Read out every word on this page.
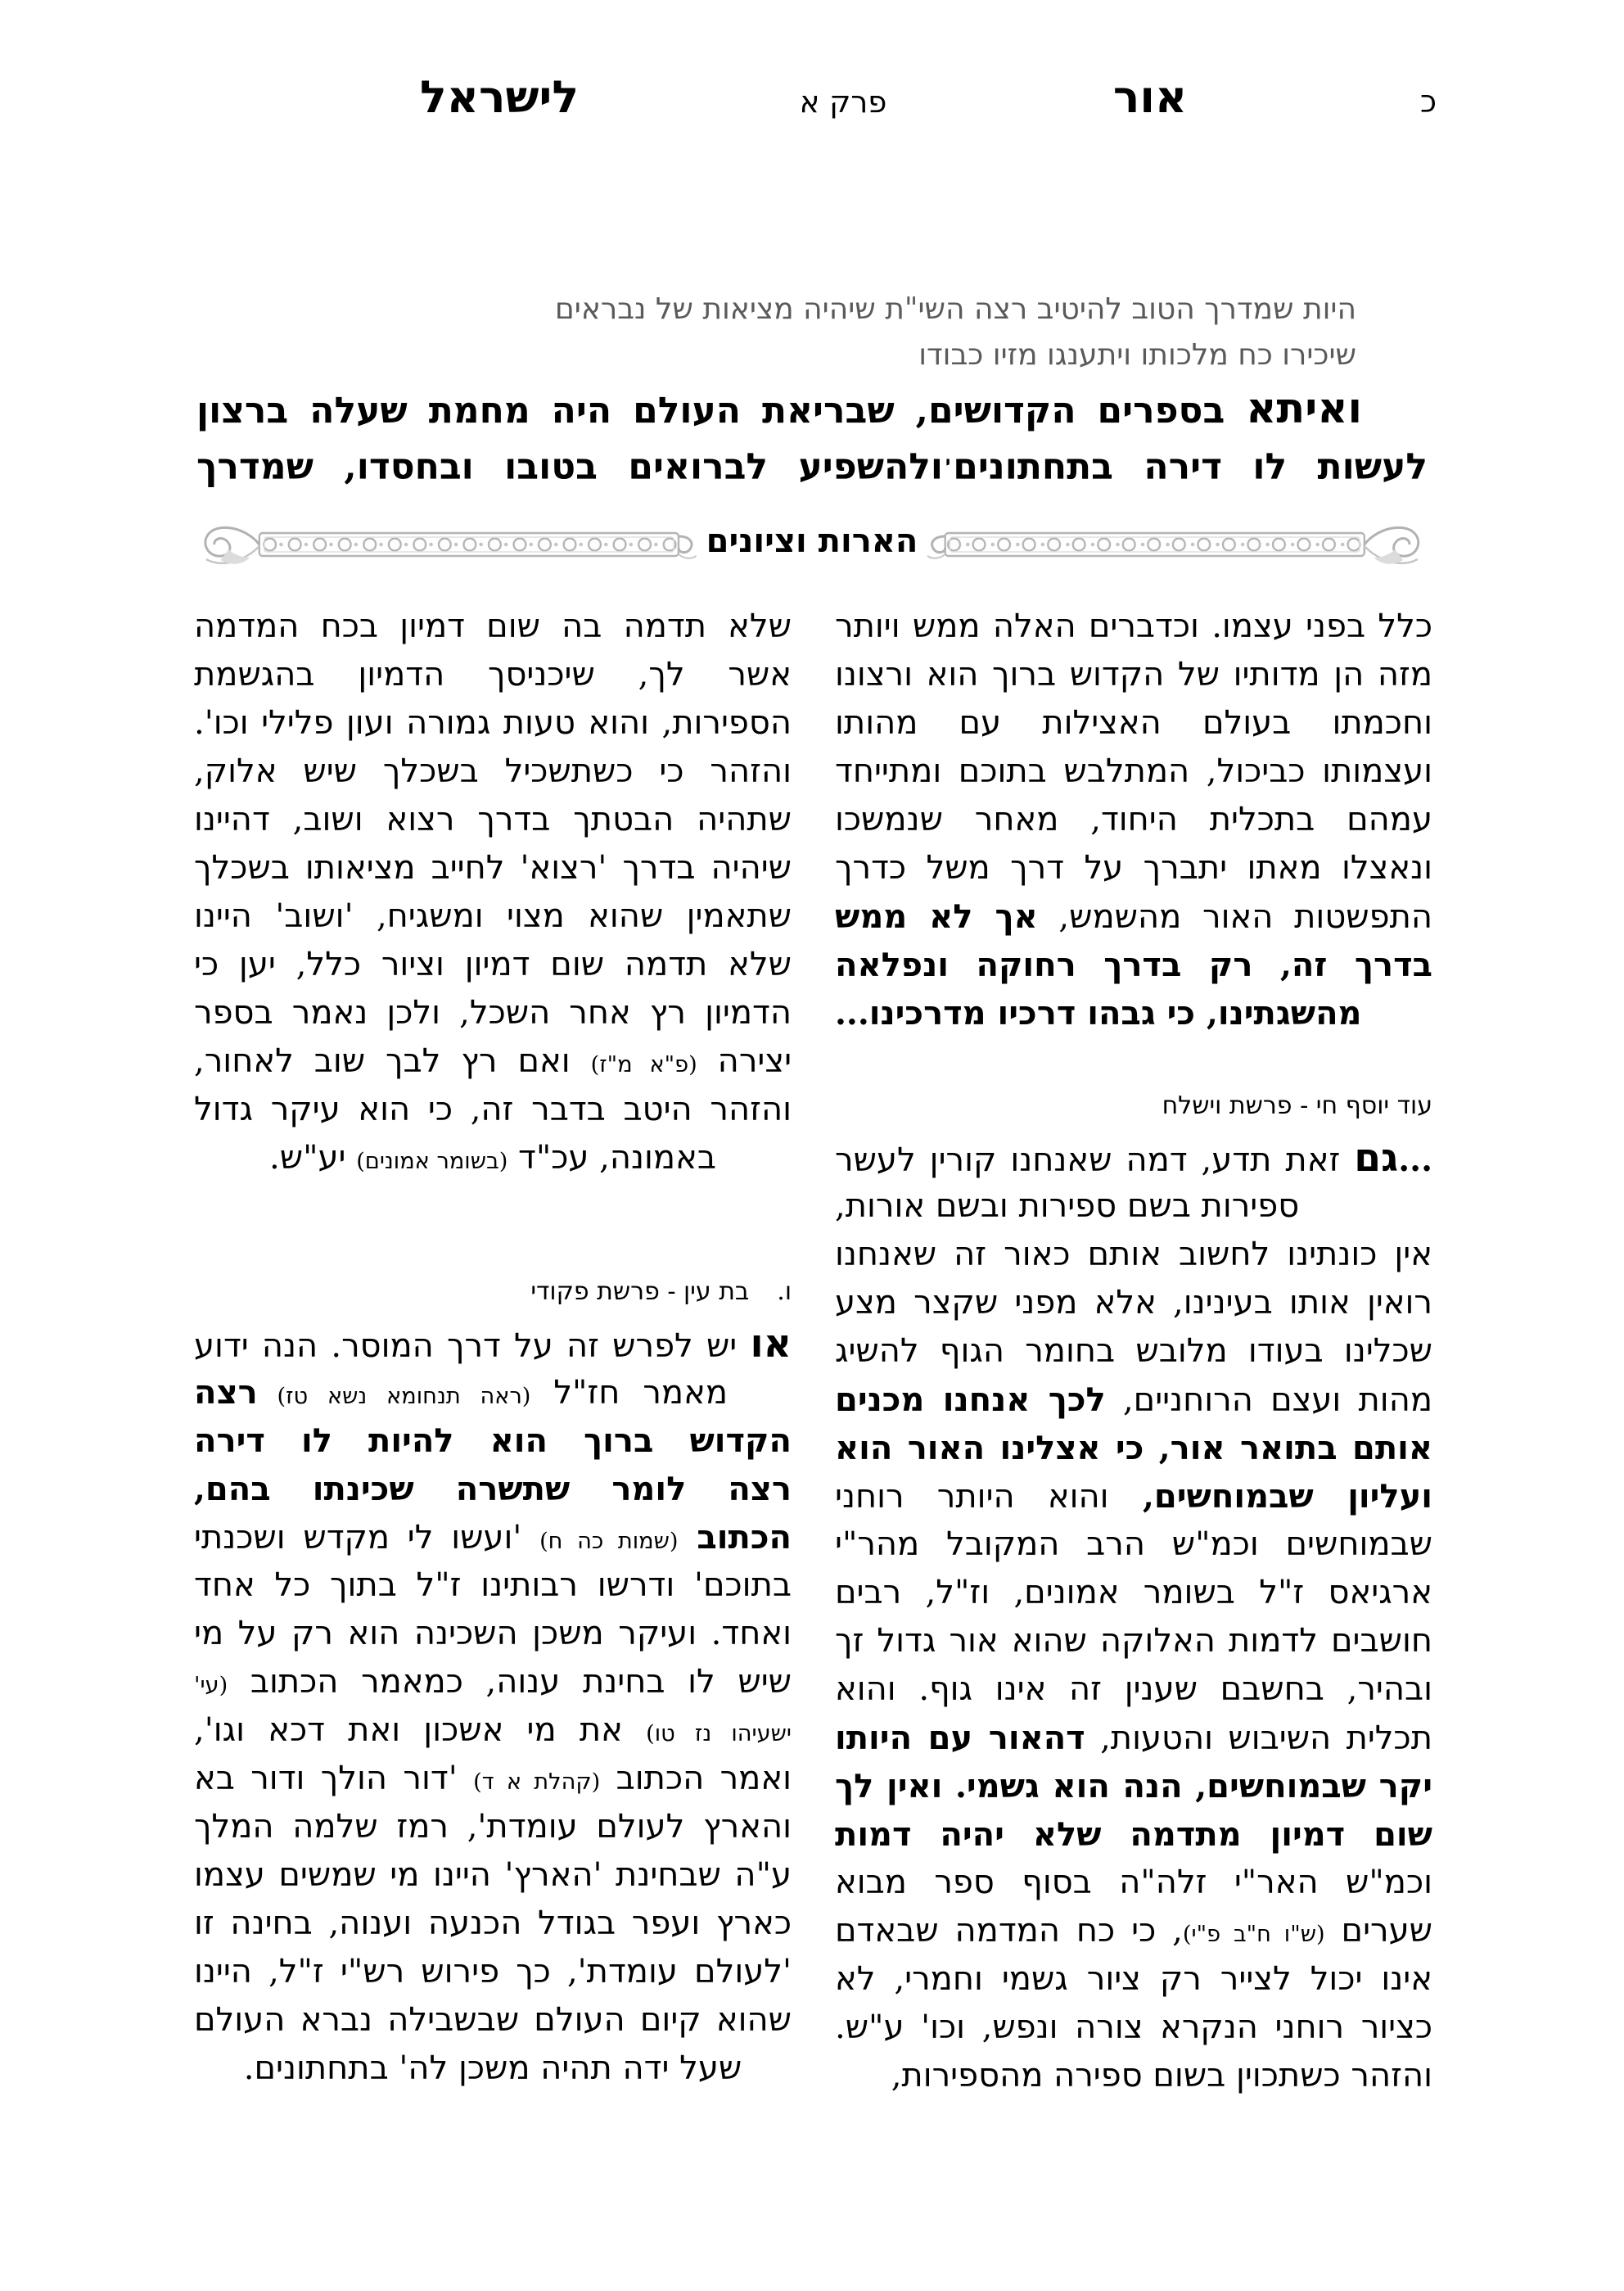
כ
אור
פרק א
לישראל
היות שמדרך הטוב להיטיב רצה השי"ת שיהיה מציאות של נבראים
שיכירו כח מלכותו ויתענגו מזיו כבודו
ואיתא בספרים הקדושים, שבריאת העולם היה מחמת שעלה ברצון
לעשות לו דירה בתחתונים$^י$ולהשפיע לברואים בטובו ובחסדו, שמדרך
הארות וציונים
כלל בפני עצמו. וכדברים האלה ממש ויותר
מזה הן מדותיו של הקדוש ברוך הוא ורצונו
וחכמתו בעולם האצילות עם מהותו
ועצמותו כביכול, המתלבש בתוכם ומתייחד
עמהם בתכלית היחוד, מאחר שנמשכו
ונאצלו מאתו יתברך על דרך משל כדרך
התפשטות האור מהשמש, אך לא ממש
בדרך זה, רק בדרך רחוקה ונפלאה
מהשגתינו, כי גבהו דרכיו מדרכינו...
עוד יוסף חי - פרשת וישלח
...גם זאת תדע, דמה שאנחנו קורין לעשר
ספירות בשם ספירות ובשם אורות,
אין כונתינו לחשוב אותם כאור זה שאנחנו
רואין אותו בעינינו, אלא מפני שקצר מצע
שכלינו בעודו מלובש בחומר הגוף להשיג
מהות ועצם הרוחניים, לכך אנחנו מכנים
אותם בתואר אור, כי אצלינו האור הוא
ועליון שבמוחשים, והוא היותר רוחני
שבמוחשים וכמ"ש הרב המקובל מהר"י
ארגיאס ז"ל בשומר אמונים, וז"ל, רבים
חושבים לדמות האלוקה שהוא אור גדול זך
ובהיר, בחשבם שענין זה אינו גוף. והוא
תכלית השיבוש והטעות, דהאור עם היותו
יקר שבמוחשים, הנה הוא גשמי. ואין לך
שום דמיון מתדמה שלא יהיה דמות
וכמ"ש האר"י זלה"ה בסוף ספר מבוא
שערים (ש"ו ח"ב פ"י), כי כח המדמה שבאדם
אינו יכול לצייר רק ציור גשמי וחמרי, לא
כציור רוחני הנקרא צורה ונפש, וכו' ע"ש.
והזהר כשתכוין בשום ספירה מהספירות,
שלא תדמה בה שום דמיון בכח המדמה
אשר לך, שיכניסך הדמיון בהגשמת
הספירות, והוא טעות גמורה ועון פלילי וכו'.
והזהר כי כשתשכיל בשכלך שיש אלוק,
שתהיה הבטתך בדרך רצוא ושוב, דהיינו
שיהיה בדרך 'רצוא' לחייב מציאותו בשכלך
שתאמין שהוא מצוי ומשגיח, 'ושוב' היינו
שלא תדמה שום דמיון וציור כלל, יען כי
הדמיון רץ אחר השכל, ולכן נאמר בספר
יצירה (פ"א מ"ז) ואם רץ לבך שוב לאחור,
והזהר היטב בדבר זה, כי הוא עיקר גדול
באמונה, עכ"ד (בשומר אמונים) יע"ש.
ו.בת עין - פרשת פקודי
או יש לפרש זה על דרך המוסר. הנה ידוע
מאמר חז"ל (ראה תנחומא נשא טז) רצה
הקדוש ברוך הוא להיות לו דירה
רצה לומר שתשרה שכינתו בהם,
הכתוב (שמות כה ח) 'ועשו לי מקדש ושכנתי
בתוכם' ודרשו רבותינו ז"ל בתוך כל אחד
ואחד. ועיקר משכן השכינה הוא רק על מי
שיש לו בחינת ענוה, כמאמר הכתוב (עי'
ישעיהו נז טו) את מי אשכון ואת דכא וגו',
ואמר הכתוב (קהלת א ד) 'דור הולך ודור בא
והארץ לעולם עומדת', רמז שלמה המלך
ע"ה שבחינת 'הארץ' היינו מי שמשים עצמו
כארץ ועפר בגודל הכנעה וענוה, בחינה זו
'לעולם עומדת', כך פירוש רש"י ז"ל, היינו
שהוא קיום העולם שבשבילה נברא העולם
שעל ידה תהיה משכן לה' בתחתונים.
